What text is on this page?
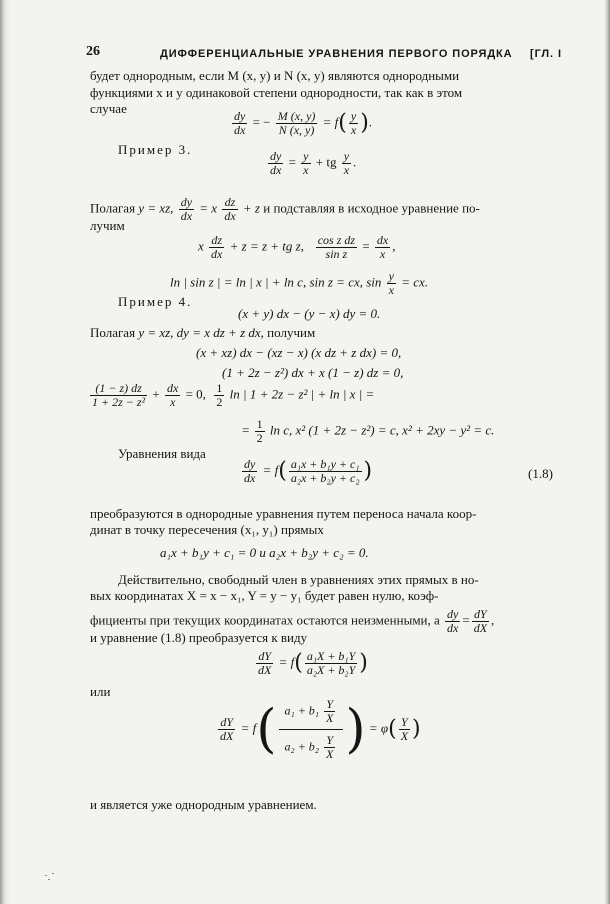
26	ДИФФЕРЕНЦИАЛЬНЫЕ УРАВНЕНИЯ ПЕРВОГО ПОРЯДКА [ГЛ. I
будет однородным, если M (x, y) и N (x, y) являются однородными
функциями x и y одинаковой степени однородности, так как в этом
случае
$\frac{dy}{dx}$ = − $\frac{M (x, y)}{N (x, y)} = f( \frac{y}{x}$ ).
Пример 3.
$\frac{dy}{dx} = \frac{y}{x}$ + tg $\frac{y}{x}$ .
Полагая y = xz, $\frac{dy}{dx} = x \frac{dz}{dx} + z$ и подставляя в исходное уравнение по-
лучим
x $\frac{dz}{dx} + z = z$ + tg z, $\frac{\text{cos z dz}}{\text{sin z}} = \frac{dx}{x}$ ,
ln | sin z | = ln | x | + ln c, sin z = cx, $\sin \frac{y}{x}$ = cx.
Пример 4.
(x + y) dx − (y − x) dy = 0.
Полагая y = xz, dy = x dz + z dx, получим
(x + xz) dx − (xz − x) (x dz + z dx) = 0,
(1 + 2z − z²) dx + x (1 − z) dz = 0,
$\frac{(1 - z) dz}{\text{1 + 2z − z²}} + \frac{dx}{x} = 0$, $\frac{1}{2}$ ln | 1 + 2z − z² | + ln | x | =
= $\frac{1}{2}$ ln c, x² (1 + 2z − z²) = c, x² + 2xy − y² = c.
Уравнения вида
$\frac{dy}{dx} = f( \frac{\text{a₁x + b₁y + c₁}}{\text{a₂x + b₂y + c₂}}$ )	(1.8)
преобразуются в однородные уравнения путем переноса начала коор-
динат в точку пересечения (x₁, y₁) прямых
a₁x + b₁y + c₁ = 0 и a₂x + b₂y + c₂ = 0.
Действительно, свободный член в уравнениях этих прямых в но-
вых координатах X = x − x₁, Y = y − y₁ будет равен нулю, коэф-
фициенты при текущих координатах остаются неизменными, а $\frac{dy}{dx} = \frac{dY}{dX}$ ,
и уравнение (1.8) преобразуется к виду
$\frac{dY}{dX} = f( \frac{\text{a₁X + b₁Y}}{\text{a₂X + b₂Y}}$ )
или
$\frac{dY}{dX} = f( \frac{a_1 + b_1 \frac{Y}{X}}{a_2 + b_2 \frac{Y}{X}}$ ) = $\varphi( \frac{Y}{X}$ )
и является уже однородным уравнением.
